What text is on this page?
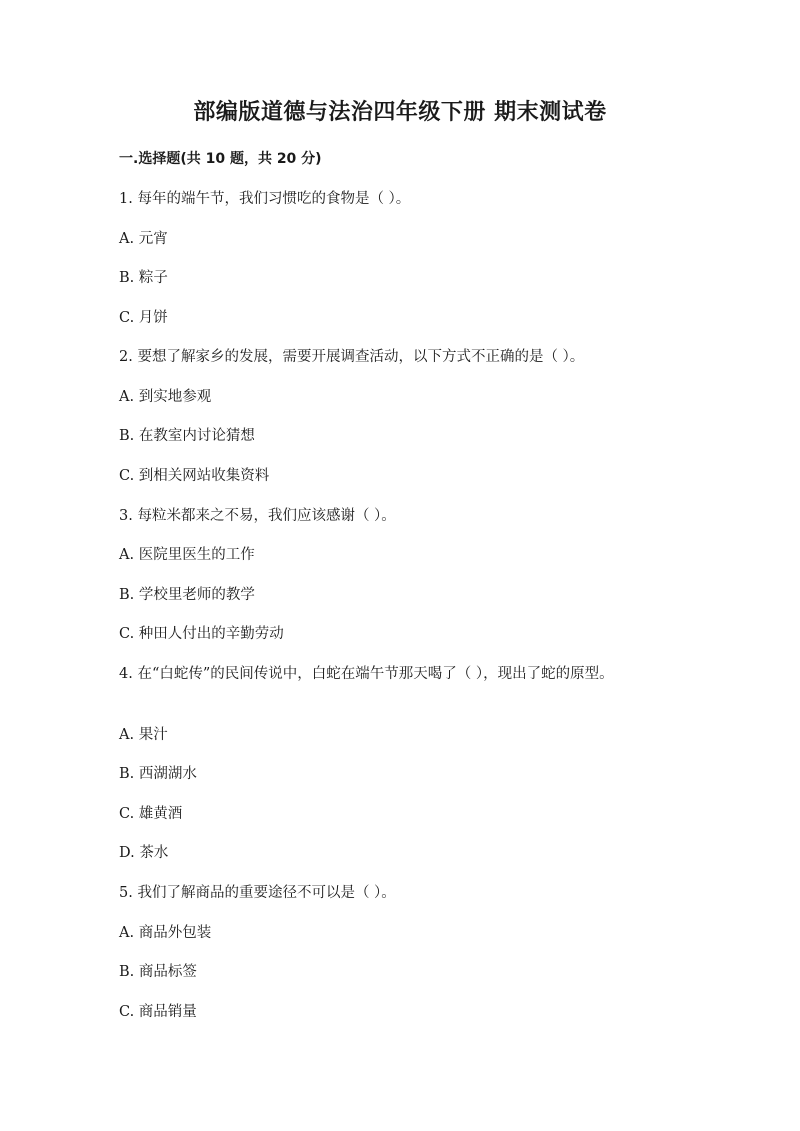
部编版道德与法治四年级下册 期末测试卷
一.选择题(共 10 题，共 20 分)
1. 每年的端午节，我们习惯吃的食物是（ ）。
A. 元宵
B. 粽子
C. 月饼
2. 要想了解家乡的发展，需要开展调查活动，以下方式不正确的是（ ）。
A. 到实地参观
B. 在教室内讨论猜想
C. 到相关网站收集资料
3. 每粒米都来之不易，我们应该感谢（ ）。
A. 医院里医生的工作
B. 学校里老师的教学
C. 种田人付出的辛勤劳动
4. 在“白蛇传”的民间传说中，白蛇在端午节那天喝了（ ），现出了蛇的原型。
A. 果汁
B. 西湖湖水
C. 雄黄酒
D. 茶水
5. 我们了解商品的重要途径不可以是（ ）。
A. 商品外包装
B. 商品标签
C. 商品销量
